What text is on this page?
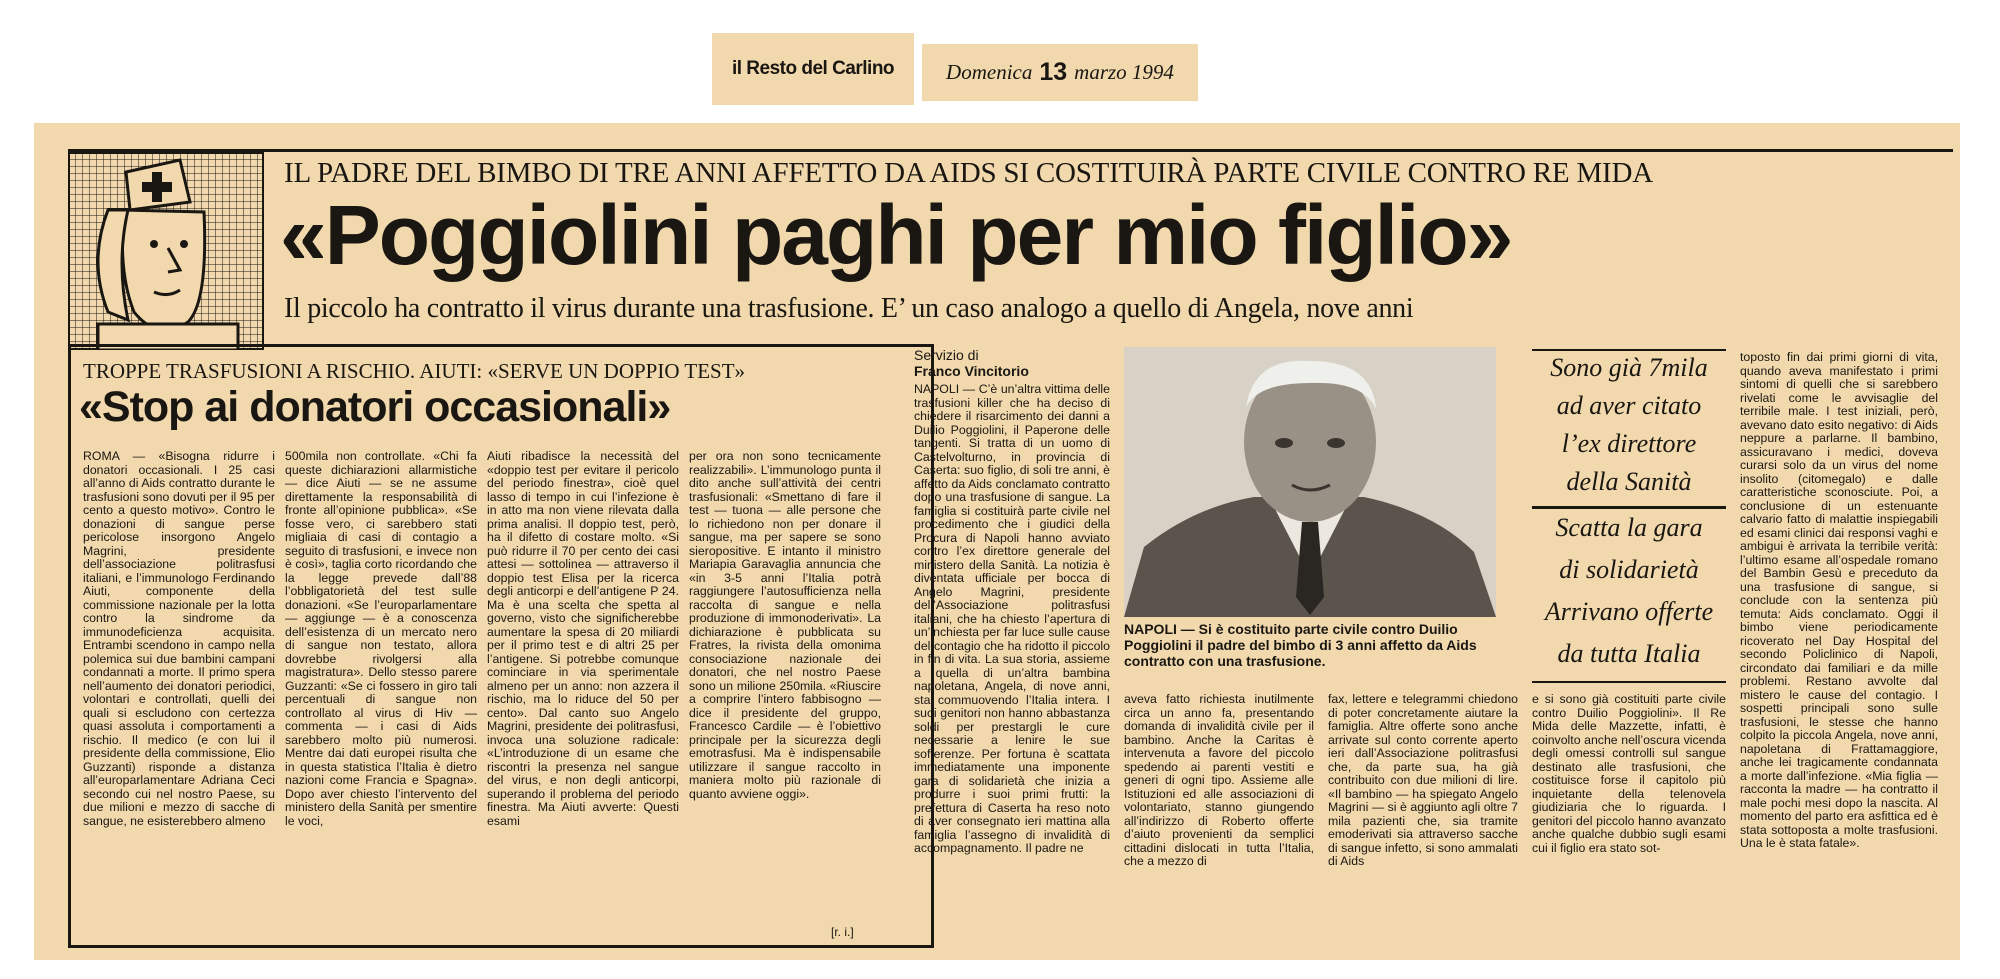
il Resto del Carlino Domenica 13 marzo 1994
IL PADRE DEL BIMBO DI TRE ANNI AFFETTO DA AIDS SI COSTITUIRÀ PARTE CIVILE CONTRO RE MIDA
«Poggiolini paghi per mio figlio»
Il piccolo ha contratto il virus durante una trasfusione. E’ un caso analogo a quello di Angela, nove anni
TROPPE TRASFUSIONI A RISCHIO. AIUTI: «SERVE UN DOPPIO TEST»
«Stop ai donatori occasionali»
ROMA — «Bisogna ridurre i donatori occasionali. I 25 casi all’anno di Aids contratto durante le trasfusioni sono dovuti per il 95 per cento a questo motivo». Contro le donazioni di sangue perse pericolose insorgono Angelo Magrini, presidente dell’associazione politrasfusi italiani, e l’immunologo Ferdinando Aiuti, componente della commissione nazionale per la lotta contro la sindrome da immunodeficienza acquisita. Entrambi scendono in campo nella polemica sui due bambini campani condannati a morte. Il primo spera nell’aumento dei donatori periodici, volontari e controllati, quelli dei quali si escludono con certezza quasi assoluta i comportamenti a rischio. Il medico (e con lui il presidente della commissione, Elio Guzzanti) risponde a distanza all’europarlamentare Adriana Ceci secondo cui nel nostro Paese, su due milioni e mezzo di sacche di sangue, ne esisterebbero almeno
500mila non controllate. «Chi fa queste dichiarazioni allarmistiche — dice Aiuti — se ne assume direttamente la responsabilità di fronte all’opinione pubblica». «Se fosse vero, ci sarebbero stati migliaia di casi di contagio a seguito di trasfusioni, e invece non è così», taglia corto ricordando che la legge prevede dall’88 l’obbligatorietà del test sulle donazioni. «Se l’europarlamentare — aggiunge — è a conoscenza dell’esistenza di un mercato nero di sangue non testato, allora dovrebbe rivolgersi alla magistratura». Dello stesso parere Guzzanti: «Se ci fossero in giro tali percentuali di sangue non controllato al virus di Hiv — commenta — i casi di Aids sarebbero molto più numerosi. Mentre dai dati europei risulta che in questa statistica l’Italia è dietro nazioni come Francia e Spagna». Dopo aver chiesto l’intervento del ministero della Sanità per smentire le voci,
Aiuti ribadisce la necessità del «doppio test per evitare il pericolo del periodo finestra», cioè quel lasso di tempo in cui l’infezione è in atto ma non viene rilevata dalla prima analisi. Il doppio test, però, ha il difetto di costare molto. «Si può ridurre il 70 per cento dei casi attesi — sottolinea — attraverso il doppio test Elisa per la ricerca degli anticorpi e dell’antigene P 24. Ma è una scelta che spetta al governo, visto che significherebbe aumentare la spesa di 20 miliardi per il primo test e di altri 25 per l’antigene. Si potrebbe comunque cominciare in via sperimentale almeno per un anno: non azzera il rischio, ma lo riduce del 50 per cento». Dal canto suo Angelo Magrini, presidente dei politrasfusi, invoca una soluzione radicale: «L’introduzione di un esame che riscontri la presenza nel sangue del virus, e non degli anticorpi, superando il problema del periodo finestra. Ma Aiuti avverte: Questi esami
per ora non sono tecnicamente realizzabili». L’immunologo punta il dito anche sull’attività dei centri trasfusionali: «Smettano di fare il test — tuona — alle persone che lo richiedono non per donare il sangue, ma per sapere se sono sieropositive. E intanto il ministro Mariapia Garavaglia annuncia che «in 3-5 anni l’Italia potrà raggiungere l’autosufficienza nella raccolta di sangue e nella produzione di immonoderivati». La dichiarazione è pubblicata su Fratres, la rivista della omonima consociazione nazionale dei donatori, che nel nostro Paese sono un milione 250mila. «Riuscire a comprire l’intero fabbisogno — dice il presidente del gruppo, Francesco Cardile — è l’obiettivo principale per la sicurezza degli emotrasfusi. Ma è indispensabile utilizzare il sangue raccolto in maniera molto più razionale di quanto avviene oggi».
[r. i.]
Servizio di
Franco Vincitorio
NAPOLI — C’è un’altra vittima delle trasfusioni killer che ha deciso di chiedere il risarcimento dei danni a Duilio Poggiolini, il Paperone delle tangenti. Si tratta di un uomo di Castelvolturno, in provincia di Caserta: suo figlio, di soli tre anni, è affetto da Aids conclamato contratto dopo una trasfusione di sangue. La famiglia si costituirà parte civile nel procedimento che i giudici della Procura di Napoli hanno avviato contro l’ex direttore generale del ministero della Sanità. La notizia è diventata ufficiale per bocca di Angelo Magrini, presidente dell’Associazione politrasfusi italiani, che ha chiesto l’apertura di un’inchiesta per far luce sulle cause del contagio che ha ridotto il piccolo in fin di vita. La sua storia, assieme a quella di un’altra bambina napoletana, Angela, di nove anni, sta commuovendo l’Italia intera. I suoi genitori non hanno abbastanza soldi per prestargli le cure necessarie a lenire le sue sofferenze. Per fortuna è scattata immediatamente una imponente gara di solidarietà che inizia a produrre i suoi primi frutti: la prefettura di Caserta ha reso noto di aver consegnato ieri mattina alla famiglia l’assegno di invalidità di accompagnamento. Il padre ne
NAPOLI — Si è costituito parte civile contro Duilio Poggiolini il padre del bimbo di 3 anni affetto da Aids contratto con una trasfusione.
aveva fatto richiesta inutilmente circa un anno fa, presentando domanda di invalidità civile per il bambino. Anche la Caritas è intervenuta a favore del piccolo spedendo ai parenti vestiti e generi di ogni tipo. Assieme alle Istituzioni ed alle associazioni di volontariato, stanno giungendo all’indirizzo di Roberto offerte d’aiuto provenienti da semplici cittadini dislocati in tutta l’Italia, che a mezzo di
fax, lettere e telegrammi chiedono di poter concretamente aiutare la famiglia. Altre offerte sono anche arrivate sul conto corrente aperto ieri dall’Associazione politrasfusi che, da parte sua, ha già contribuito con due milioni di lire. «Il bambino — ha spiegato Angelo Magrini — si è aggiunto agli oltre 7 mila pazienti che, sia tramite emoderivati sia attraverso sacche di sangue infetto, si sono ammalati di Aids
Sono già 7mila
ad aver citato
l’ex direttore
della Sanità
Scatta la gara
di solidarietà
Arrivano offerte
da tutta Italia
e si sono già costituiti parte civile contro Duilio Poggiolini». Il Re Mida delle Mazzette, infatti, è coinvolto anche nell’oscura vicenda degli omessi controlli sul sangue destinato alle trasfusioni, che costituisce forse il capitolo più inquietante della telenovela giudiziaria che lo riguarda. I genitori del piccolo hanno avanzato anche qualche dubbio sugli esami cui il figlio era stato sot-
toposto fin dai primi giorni di vita, quando aveva manifestato i primi sintomi di quelli che si sarebbero rivelati come le avvisaglie del terribile male. I test iniziali, però, avevano dato esito negativo: di Aids neppure a parlarne. Il bambino, assicuravano i medici, doveva curarsi solo da un virus del nome insolito (citomegalo) e dalle caratteristiche sconosciute. Poi, a conclusione di un estenuante calvario fatto di malattie inspiegabili ed esami clinici dai responsi vaghi e ambigui è arrivata la terribile verità: l’ultimo esame all’ospedale romano del Bambin Gesù e preceduto da una trasfusione di sangue, si conclude con la sentenza più temuta: Aids conclamato. Oggi il bimbo viene periodicamente ricoverato nel Day Hospital del secondo Policlinico di Napoli, circondato dai familiari e da mille problemi. Restano avvolte dal mistero le cause del contagio. I sospetti principali sono sulle trasfusioni, le stesse che hanno colpito la piccola Angela, nove anni, napoletana di Frattamaggiore, anche lei tragicamente condannata a morte dall’infezione. «Mia figlia — racconta la madre — ha contratto il male pochi mesi dopo la nascita. Al momento del parto era asfittica ed è stata sottoposta a molte trasfusioni. Una le è stata fatale».
